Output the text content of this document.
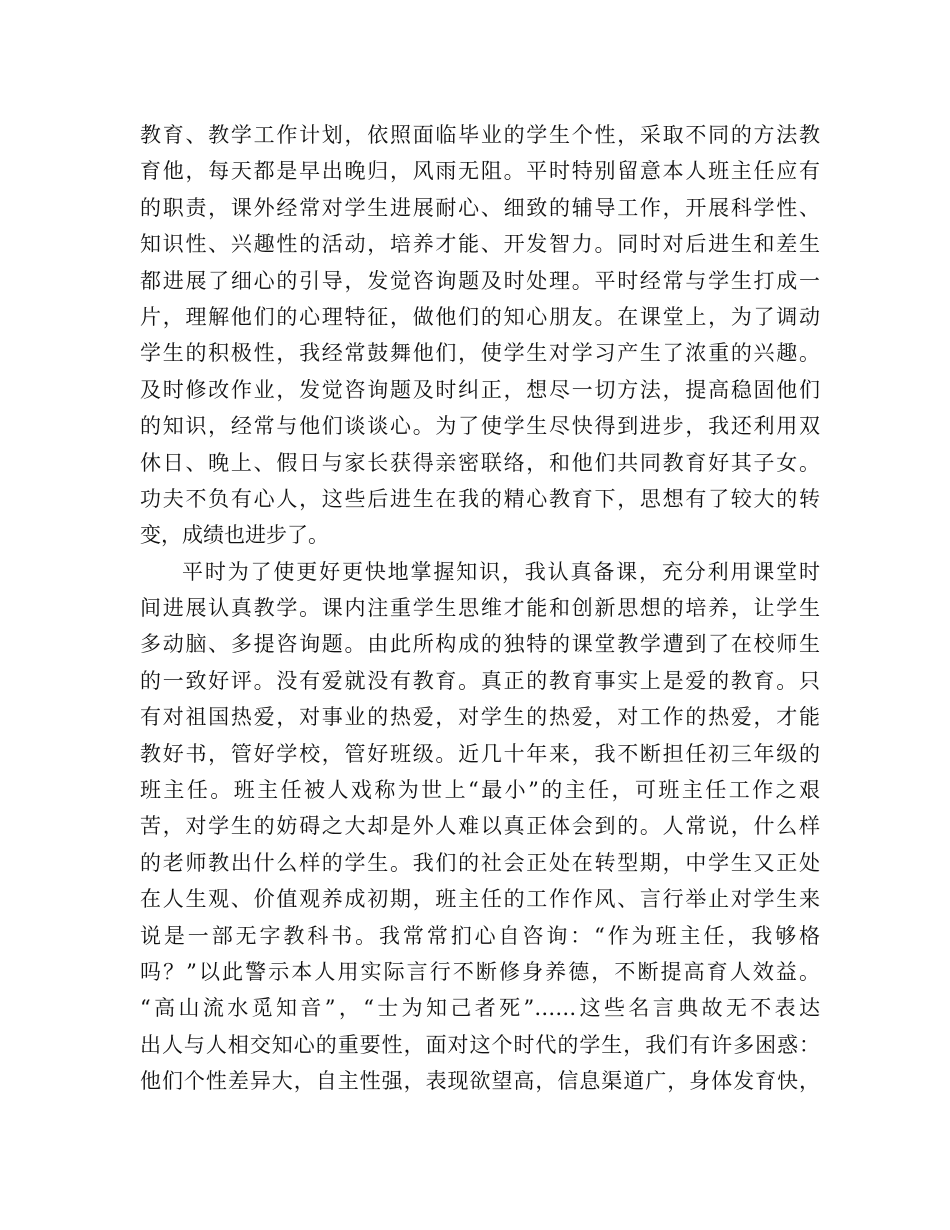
教育、教学工作计划，依照面临毕业的学生个性，采取不同的方法教
育他，每天都是早出晚归，风雨无阻。平时特别留意本人班主任应有
的职责，课外经常对学生进展耐心、细致的辅导工作，开展科学性、
知识性、兴趣性的活动，培养才能、开发智力。同时对后进生和差生
都进展了细心的引导，发觉咨询题及时处理。平时经常与学生打成一
片，理解他们的心理特征，做他们的知心朋友。在课堂上，为了调动
学生的积极性，我经常鼓舞他们，使学生对学习产生了浓重的兴趣。
及时修改作业，发觉咨询题及时纠正，想尽一切方法，提高稳固他们
的知识，经常与他们谈谈心。为了使学生尽快得到进步，我还利用双
休日、晚上、假日与家长获得亲密联络，和他们共同教育好其子女。
功夫不负有心人，这些后进生在我的精心教育下，思想有了较大的转
变，成绩也进步了。
平时为了使更好更快地掌握知识，我认真备课，充分利用课堂时
间进展认真教学。课内注重学生思维才能和创新思想的培养，让学生
多动脑、多提咨询题。由此所构成的独特的课堂教学遭到了在校师生
的一致好评。没有爱就没有教育。真正的教育事实上是爱的教育。只
有对祖国热爱，对事业的热爱，对学生的热爱，对工作的热爱，才能
教好书，管好学校，管好班级。近几十年来，我不断担任初三年级的
班主任。班主任被人戏称为世上“最小”的主任，可班主任工作之艰
苦，对学生的妨碍之大却是外人难以真正体会到的。人常说，什么样
的老师教出什么样的学生。我们的社会正处在转型期，中学生又正处
在人生观、价值观养成初期，班主任的工作作风、言行举止对学生来
说是一部无字教科书。我常常扪心自咨询：“作为班主任，我够格
吗？”以此警示本人用实际言行不断修身养德，不断提高育人效益。
“高山流水觅知音”，“士为知己者死”……这些名言典故无不表达
出人与人相交知心的重要性，面对这个时代的学生，我们有许多困惑：
他们个性差异大，自主性强，表现欲望高，信息渠道广，身体发育快，
